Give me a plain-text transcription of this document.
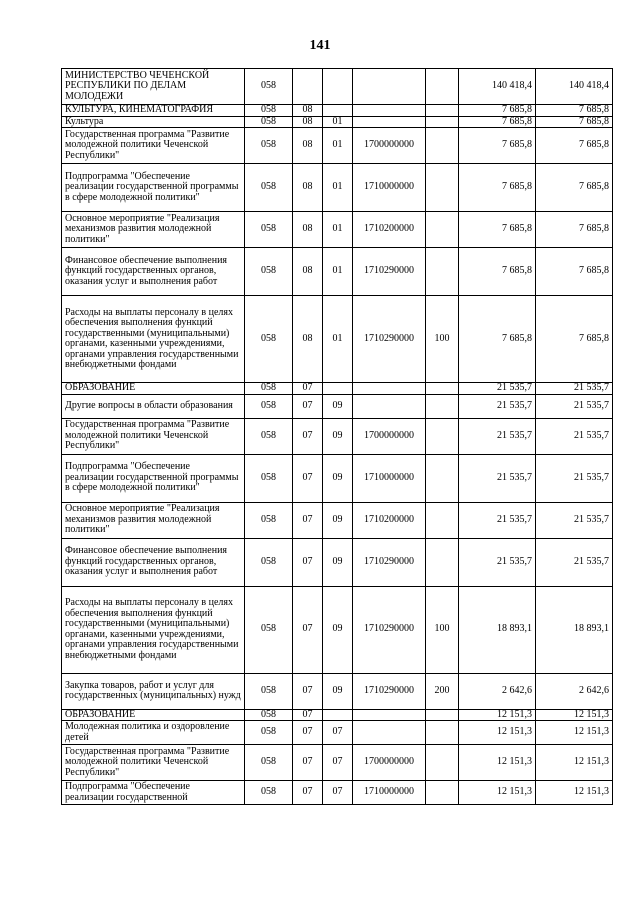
141
МИНИСТЕРСТВО ЧЕЧЕНСКОЙ РЕСПУБЛИКИ ПО ДЕЛАМ МОЛОДЕЖИ	058					140 418,4	140 418,4
КУЛЬТУРА, КИНЕМАТОГРАФИЯ	058	08				7 685,8	7 685,8
Культура	058	08	01			7 685,8	7 685,8
Государственная программа "Развитие молодежной политики Чеченской Республики"	058	08	01	1700000000		7 685,8	7 685,8
Подпрограмма "Обеспечение реализации государственной программы в сфере молодежной политики"	058	08	01	1710000000		7 685,8	7 685,8
Основное мероприятие "Реализация механизмов развития молодежной политики"	058	08	01	1710200000		7 685,8	7 685,8
Финансовое обеспечение выполнения функций государственных органов, оказания услуг и выполнения работ	058	08	01	1710290000		7 685,8	7 685,8
Расходы на выплаты персоналу в целях обеспечения выполнения функций государственными (муниципальными) органами, казенными учреждениями, органами управления государственными внебюджетными фондами	058	08	01	1710290000	100	7 685,8	7 685,8
ОБРАЗОВАНИЕ	058	07				21 535,7	21 535,7
Другие вопросы в области образования	058	07	09			21 535,7	21 535,7
Государственная программа "Развитие молодежной политики Чеченской Республики"	058	07	09	1700000000		21 535,7	21 535,7
Подпрограмма "Обеспечение реализации государственной программы в сфере молодежной политики"	058	07	09	1710000000		21 535,7	21 535,7
Основное мероприятие "Реализация механизмов развития молодежной политики"	058	07	09	1710200000		21 535,7	21 535,7
Финансовое обеспечение выполнения функций государственных органов, оказания услуг и выполнения работ	058	07	09	1710290000		21 535,7	21 535,7
Расходы на выплаты персоналу в целях обеспечения выполнения функций государственными (муниципальными) органами, казенными учреждениями, органами управления государственными внебюджетными фондами	058	07	09	1710290000	100	18 893,1	18 893,1
Закупка товаров, работ и услуг для государственных (муниципальных) нужд	058	07	09	1710290000	200	2 642,6	2 642,6
ОБРАЗОВАНИЕ	058	07				12 151,3	12 151,3
Молодежная политика и оздоровление детей	058	07	07			12 151,3	12 151,3
Государственная программа "Развитие молодежной политики Чеченской Республики"	058	07	07	1700000000		12 151,3	12 151,3
Подпрограмма "Обеспечение реализации государственной	058	07	07	1710000000		12 151,3	12 151,3
